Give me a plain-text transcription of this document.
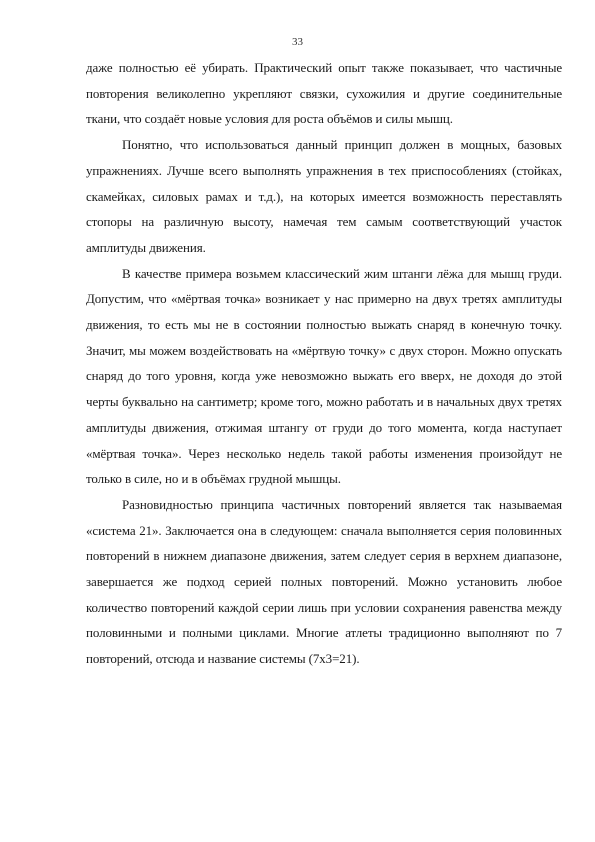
33

даже полностью её убирать. Практический опыт также показывает, что частичные повторения великолепно укрепляют связки, сухожилия и другие соединительные ткани, что создаёт новые условия для роста объёмов и силы мышц.

Понятно, что использоваться данный принцип должен в мощных, базовых упражнениях. Лучше всего выполнять упражнения в тех приспособлениях (стойках, скамейках, силовых рамах и т.д.), на которых имеется возможность переставлять стопоры на различную высоту, намечая тем самым соответствующий участок амплитуды движения.

В качестве примера возьмем классический жим штанги лёжа для мышц груди. Допустим, что «мёртвая точка» возникает у нас примерно на двух третях амплитуды движения, то есть мы не в состоянии полностью выжать снаряд в конечную точку. Значит, мы можем воздействовать на «мёртвую точку» с двух сторон. Можно опускать снаряд до того уровня, когда уже невозможно выжать его вверх, не доходя до этой черты буквально на сантиметр; кроме того, можно работать и в начальных двух третях амплитуды движения, отжимая штангу от груди до того момента, когда наступает «мёртвая точка». Через несколько недель такой работы изменения произойдут не только в силе, но и в объёмах грудной мышцы.

Разновидностью принципа частичных повторений является так называемая «система 21». Заключается она в следующем: сначала выполняется серия половинных повторений в нижнем диапазоне движения, затем следует серия в верхнем диапазоне, завершается же подход серией полных повторений. Можно установить любое количество повторений каждой серии лишь при условии сохранения равенства между половинными и полными циклами. Многие атлеты традиционно выполняют по 7 повторений, отсюда и название системы (7х3=21).
